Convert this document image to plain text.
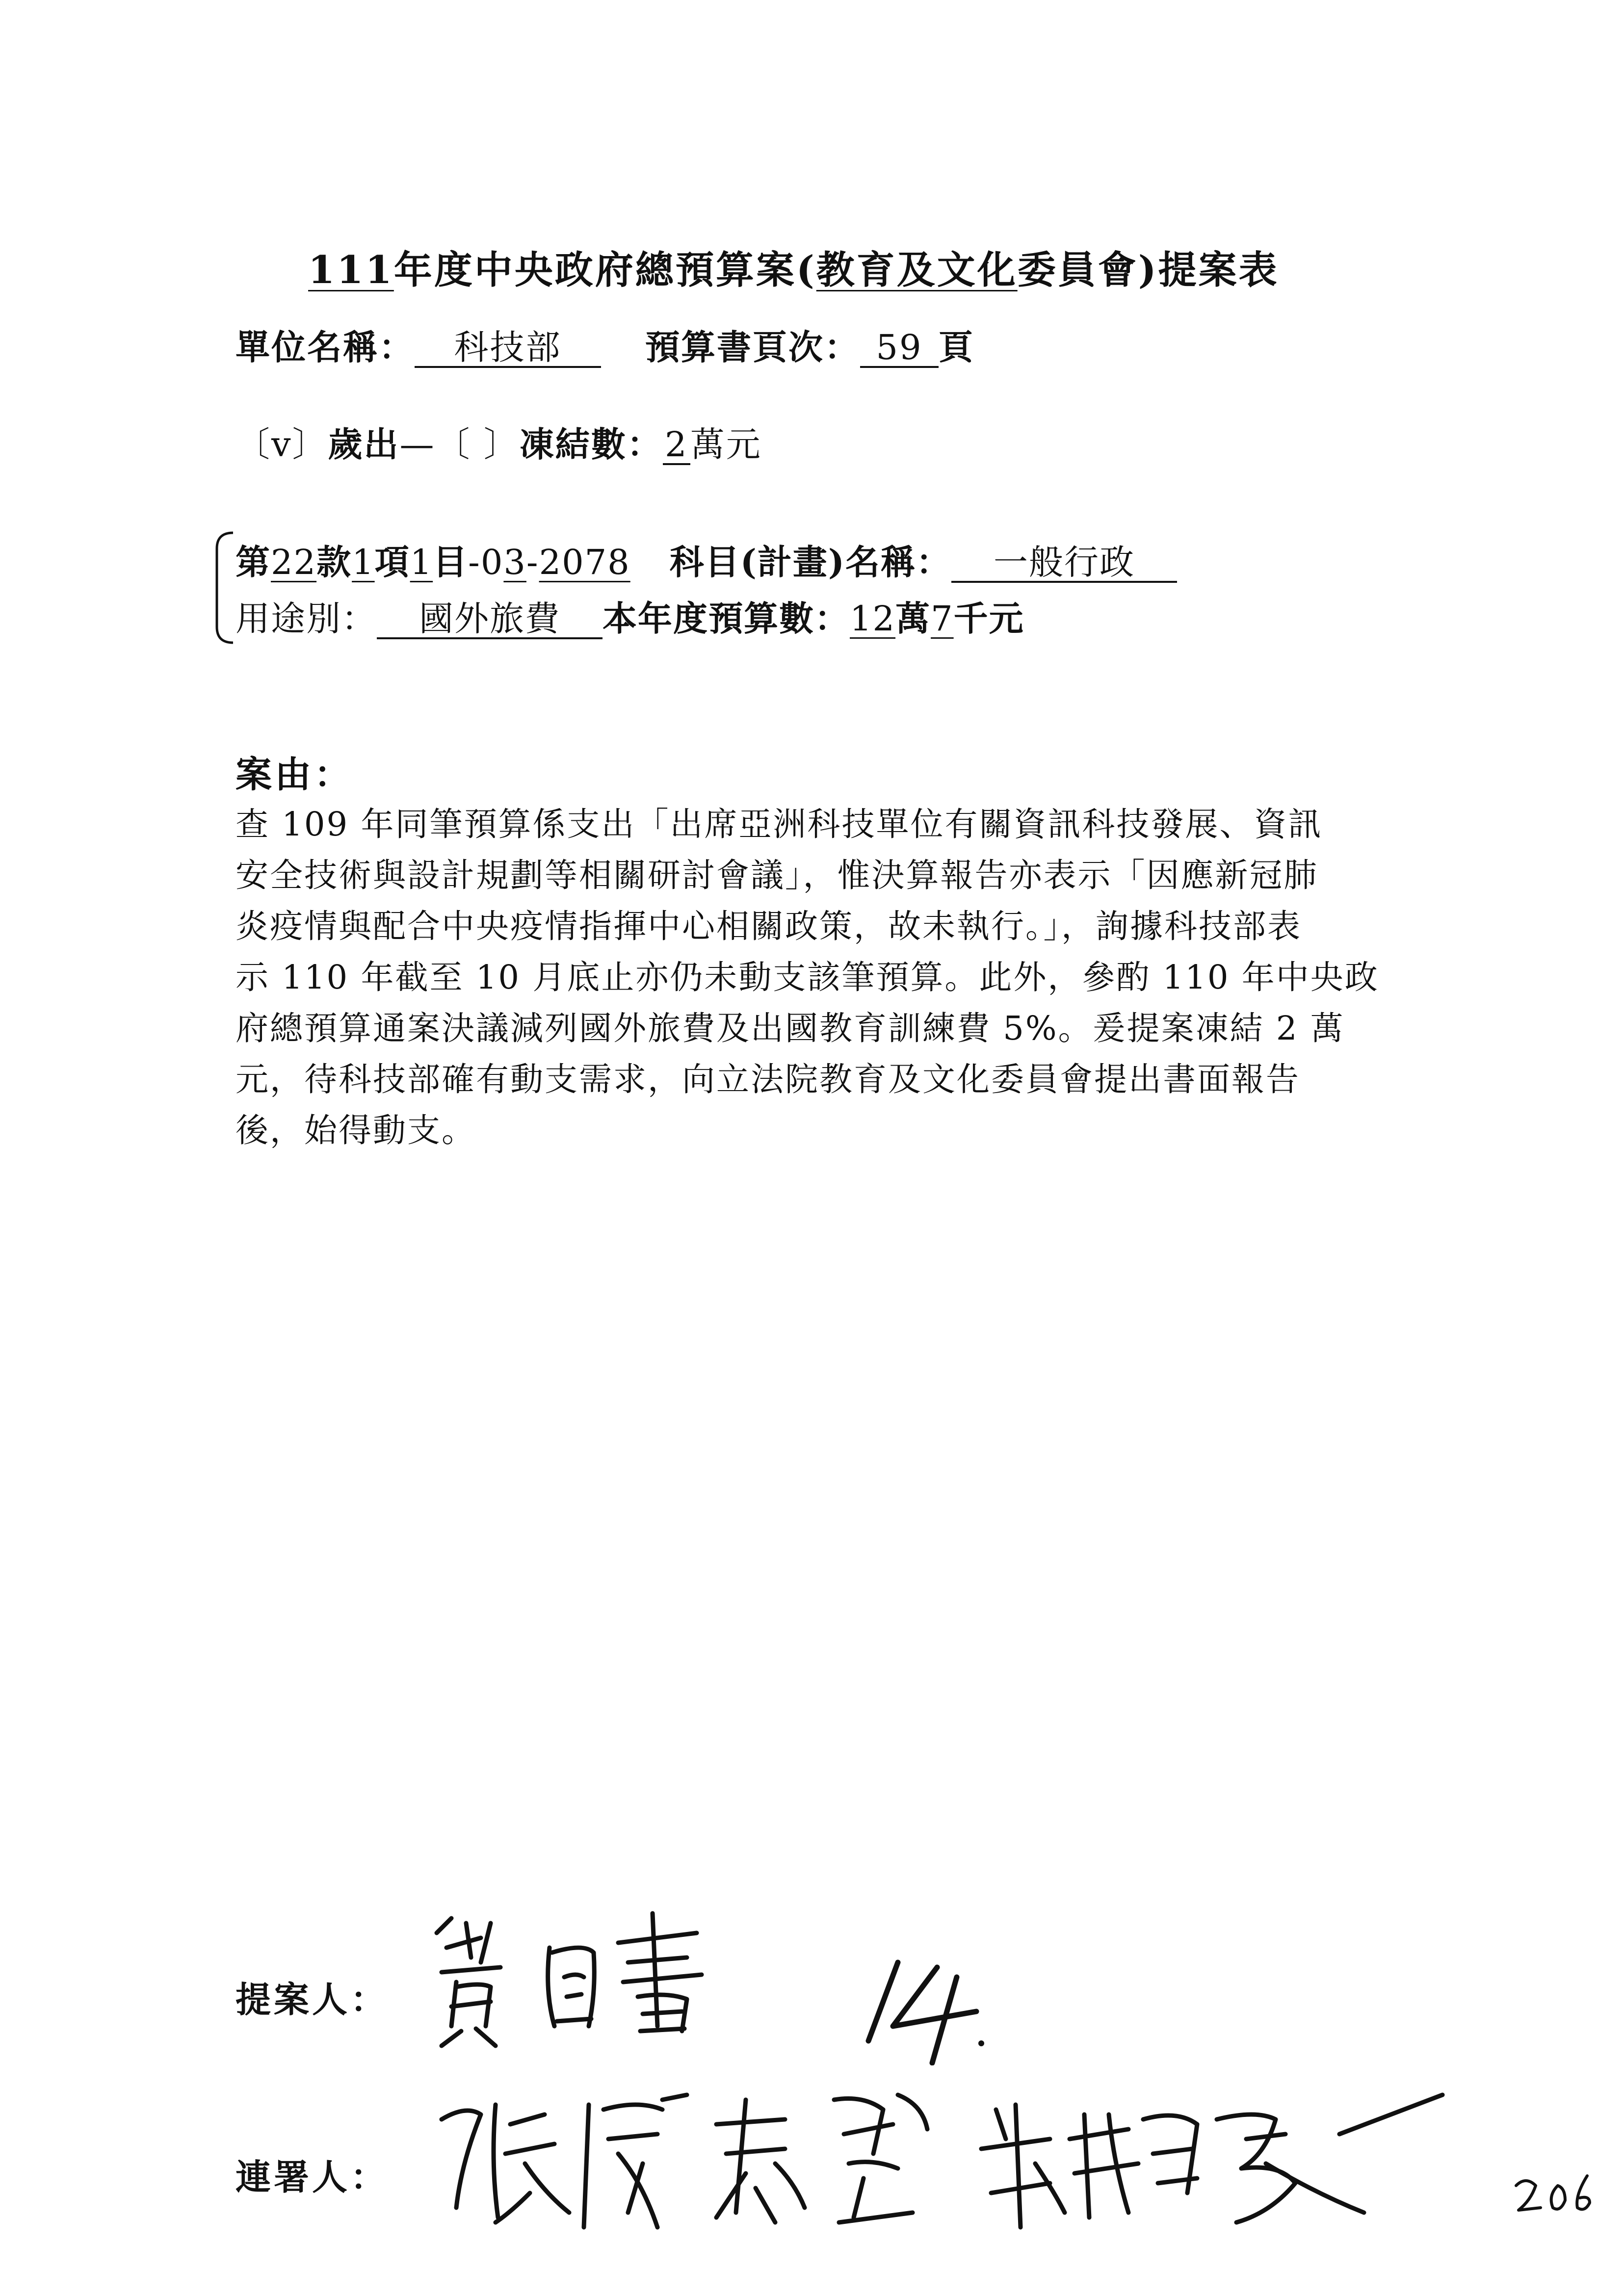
111年度中央政府總預算案(教育及文化委員會)提案表
單位名稱： 科技部 預算書頁次： 59 頁
〔v〕歲出—〔 〕凍結數：2萬元
第22款1項1目-03-2078 科目(計畫)名稱： 一般行政
用途別： 國外旅費 本年度預算數：12萬7千元
案由：
查 109 年同筆預算係支出「出席亞洲科技單位有關資訊科技發展、資訊
安全技術與設計規劃等相關研討會議」，惟決算報告亦表示「因應新冠肺
炎疫情與配合中央疫情指揮中心相關政策，故未執行。」，詢據科技部表
示 110 年截至 10 月底止亦仍未動支該筆預算。此外，參酌 110 年中央政
府總預算通案決議減列國外旅費及出國教育訓練費 5%。爰提案凍結 2 萬
元，待科技部確有動支需求，向立法院教育及文化委員會提出書面報告
後，始得動支。
提案人：
連署人：
